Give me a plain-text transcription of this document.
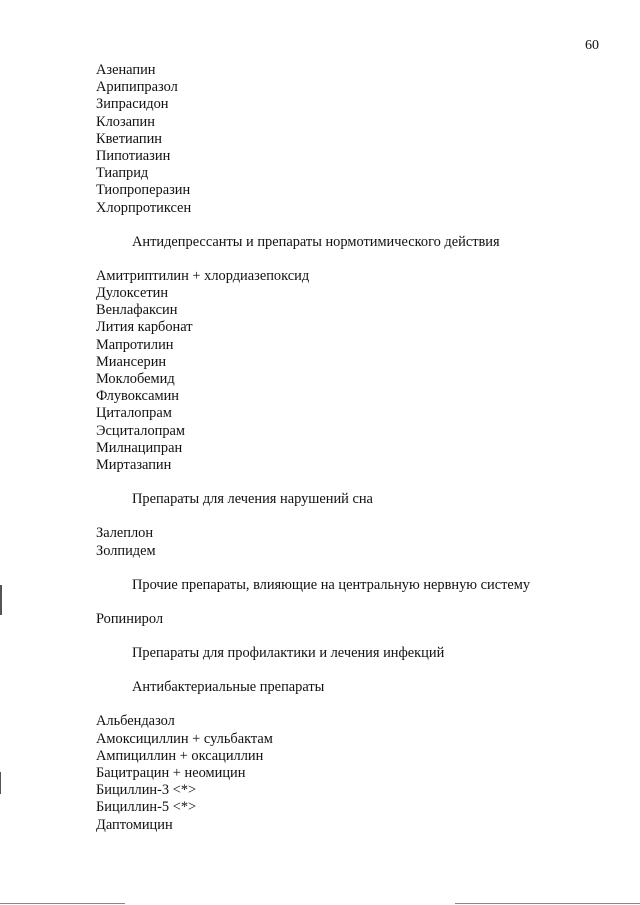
60
Азенапин
Арипипразол
Зипрасидон
Клозапин
Кветиапин
Пипотиазин
Тиаприд
Тиопроперазин
Хлорпротиксен
Антидепрессанты и препараты нормотимического действия
Амитриптилин + хлордиазепоксид
Дулоксетин
Венлафаксин
Лития карбонат
Мапротилин
Миансерин
Моклобемид
Флувоксамин
Циталопрам
Эсциталопрам
Милнаципран
Миртазапин
Препараты для лечения нарушений сна
Залеплон
Золпидем
Прочие препараты, влияющие на центральную нервную систему
Ропинирол
Препараты для профилактики и лечения инфекций
Антибактериальные препараты
Альбендазол
Амоксициллин + сульбактам
Ампициллин + оксациллин
Бацитрацин + неомицин
Бициллин-3 <*>
Бициллин-5 <*>
Даптомицин
